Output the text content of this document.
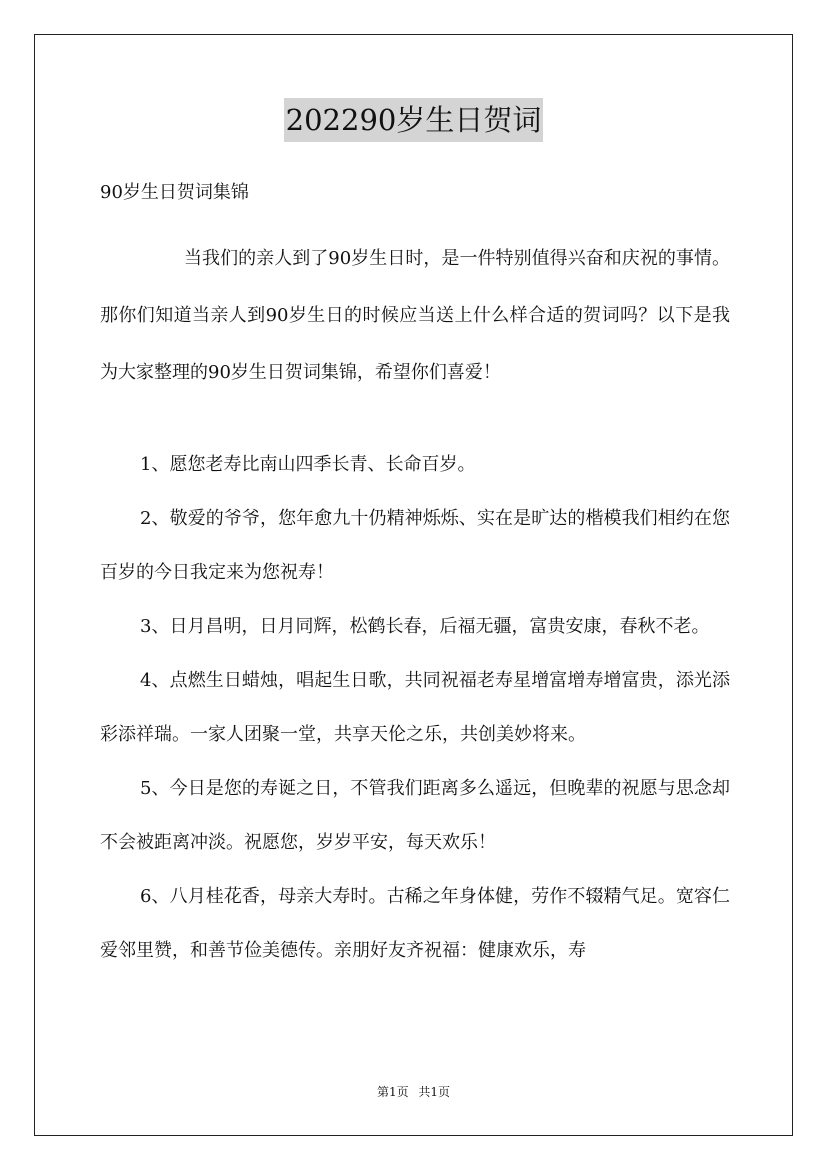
202290岁生日贺词
90岁生日贺词集锦
当我们的亲人到了90岁生日时，是一件特别值得兴奋和庆祝的事情。那你们知道当亲人到90岁生日的时候应当送上什么样合适的贺词吗？以下是我为大家整理的90岁生日贺词集锦，希望你们喜爱！

1、愿您老寿比南山四季长青、长命百岁。

2、敬爱的爷爷，您年愈九十仍精神烁烁、实在是旷达的楷模我们相约在您百岁的今日我定来为您祝寿！

3、日月昌明，日月同辉，松鹤长春，后福无疆，富贵安康，春秋不老。

4、点燃生日蜡烛，唱起生日歌，共同祝福老寿星增富增寿增富贵，添光添彩添祥瑞。一家人团聚一堂，共享天伦之乐，共创美妙将来。

5、今日是您的寿诞之日，不管我们距离多么遥远，但晚辈的祝愿与思念却不会被距离冲淡。祝愿您，岁岁平安，每天欢乐！

6、八月桂花香，母亲大寿时。古稀之年身体健，劳作不辍精气足。宽容仁爱邻里赞，和善节俭美德传。亲朋好友齐祝福：健康欢乐，寿

第1页 共1页
